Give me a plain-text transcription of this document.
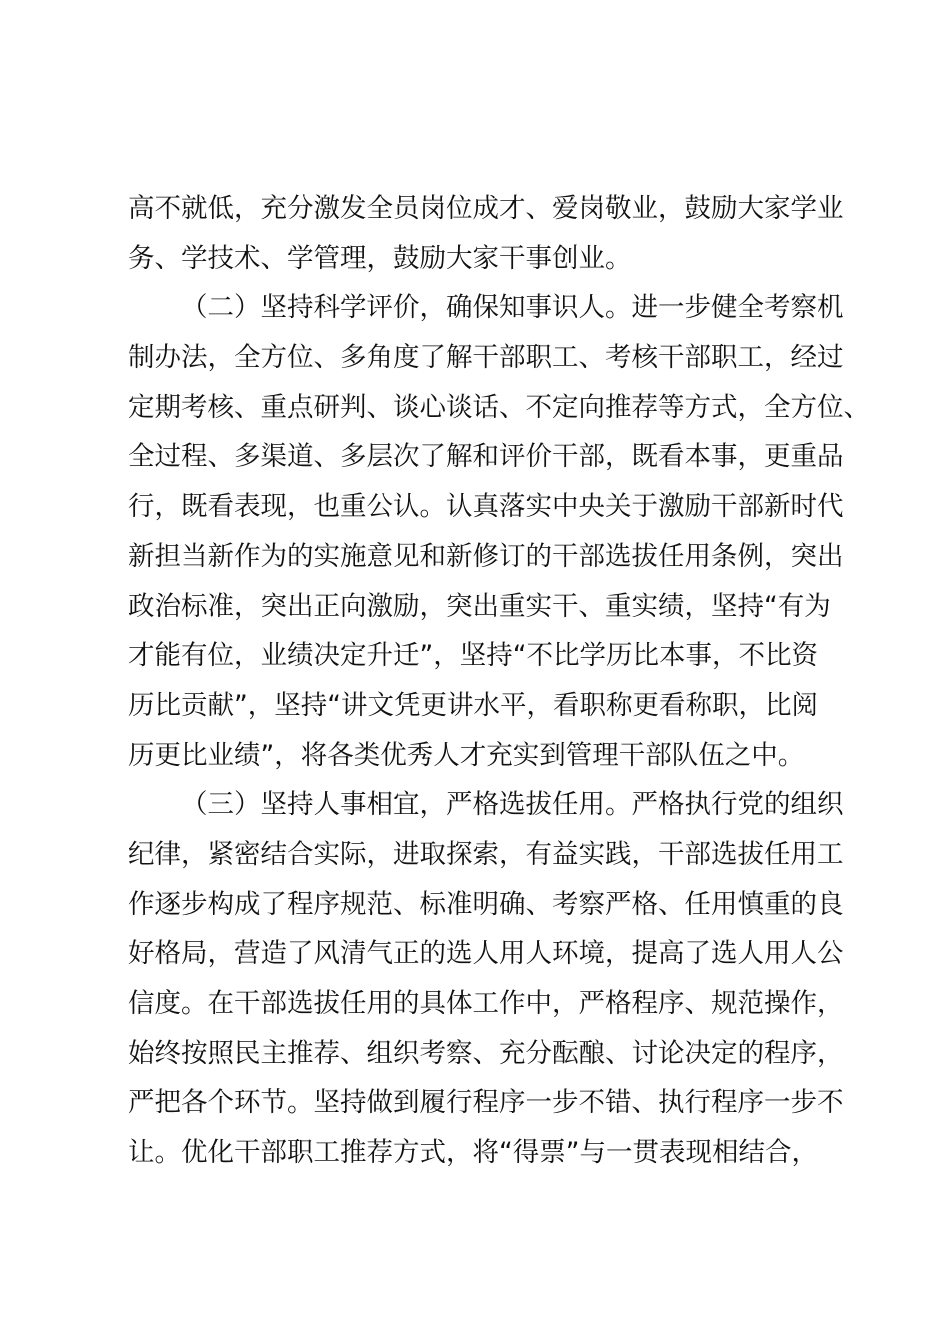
高不就低，充分激发全员岗位成才、爱岗敬业，鼓励大家学业
务、学技术、学管理，鼓励大家干事创业。
（二）坚持科学评价，确保知事识人。进一步健全考察机
制办法，全方位、多角度了解干部职工、考核干部职工，经过
定期考核、重点研判、谈心谈话、不定向推荐等方式，全方位、
全过程、多渠道、多层次了解和评价干部，既看本事，更重品
行，既看表现，也重公认。认真落实中央关于激励干部新时代
新担当新作为的实施意见和新修订的干部选拔任用条例，突出
政治标准，突出正向激励，突出重实干、重实绩，坚持“有为
才能有位，业绩决定升迁”，坚持“不比学历比本事，不比资
历比贡献”，坚持“讲文凭更讲水平，看职称更看称职，比阅
历更比业绩”，将各类优秀人才充实到管理干部队伍之中。
（三）坚持人事相宜，严格选拔任用。严格执行党的组织
纪律，紧密结合实际，进取探索，有益实践，干部选拔任用工
作逐步构成了程序规范、标准明确、考察严格、任用慎重的良
好格局，营造了风清气正的选人用人环境，提高了选人用人公
信度。在干部选拔任用的具体工作中，严格程序、规范操作，
始终按照民主推荐、组织考察、充分酝酿、讨论决定的程序，
严把各个环节。坚持做到履行程序一步不错、执行程序一步不
让。优化干部职工推荐方式，将“得票”与一贯表现相结合，
